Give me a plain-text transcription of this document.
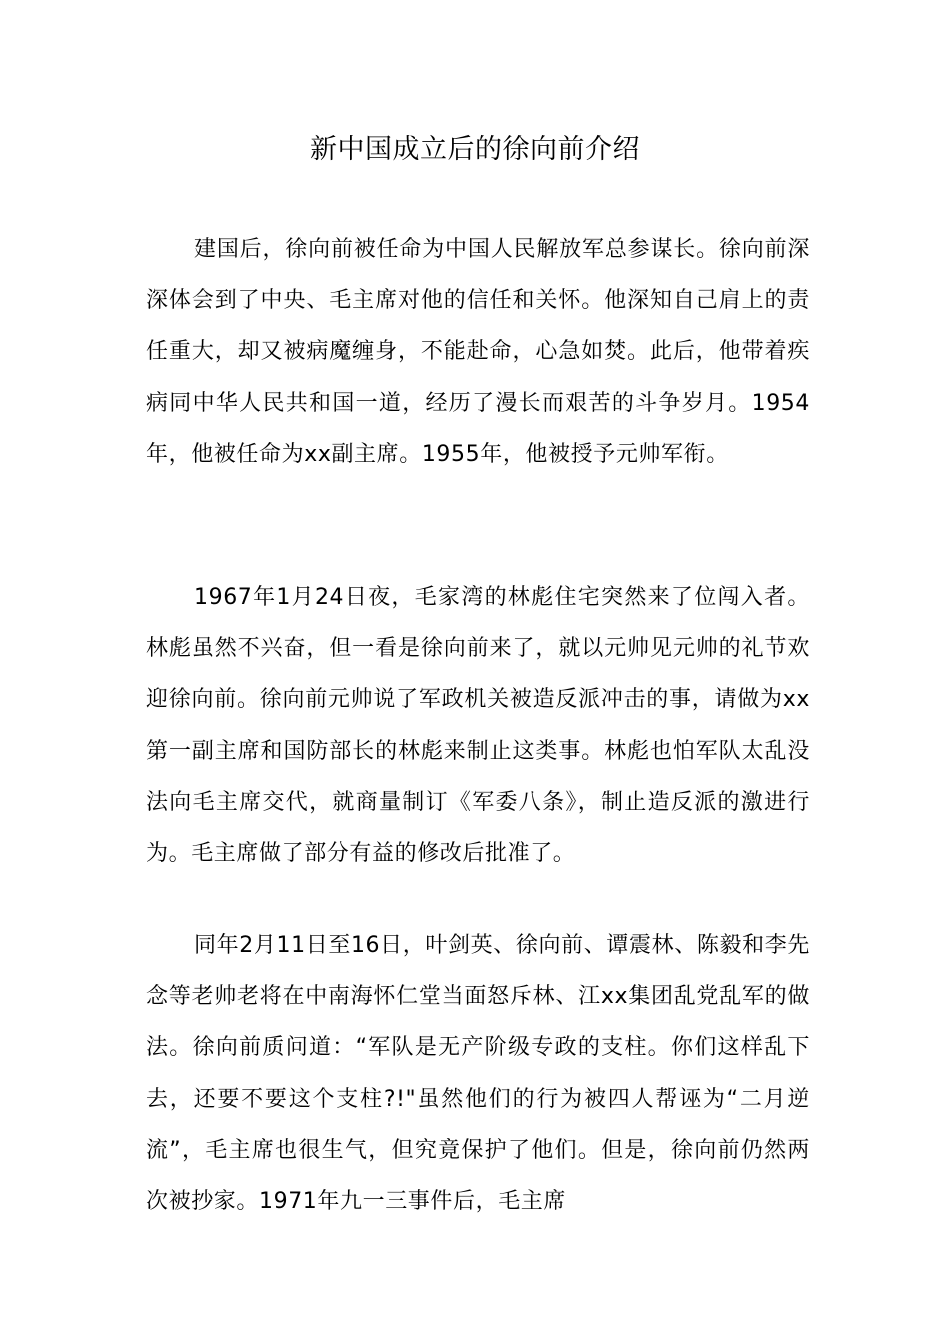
新中国成立后的徐向前介绍

建国后，徐向前被任命为中国人民解放军总参谋长。徐向前深深体会到了中央、毛主席对他的信任和关怀。他深知自己肩上的责任重大，却又被病魔缠身，不能赴命，心急如焚。此后，他带着疾病同中华人民共和国一道，经历了漫长而艰苦的斗争岁月。1954年，他被任命为xx副主席。1955年，他被授予元帅军衔。

1967年1月24日夜，毛家湾的林彪住宅突然来了位闯入者。林彪虽然不兴奋，但一看是徐向前来了，就以元帅见元帅的礼节欢迎徐向前。徐向前元帅说了军政机关被造反派冲击的事，请做为xx第一副主席和国防部长的林彪来制止这类事。林彪也怕军队太乱没法向毛主席交代，就商量制订《军委八条》，制止造反派的激进行为。毛主席做了部分有益的修改后批准了。

同年2月11日至16日，叶剑英、徐向前、谭震林、陈毅和李先念等老帅老将在中南海怀仁堂当面怒斥林、江xx集团乱党乱军的做法。徐向前质问道：“军队是无产阶级专政的支柱。你们这样乱下去，还要不要这个支柱?!"虽然他们的行为被四人帮诬为“二月逆流”，毛主席也很生气，但究竟保护了他们。但是，徐向前仍然两次被抄家。1971年九一三事件后，毛主席
